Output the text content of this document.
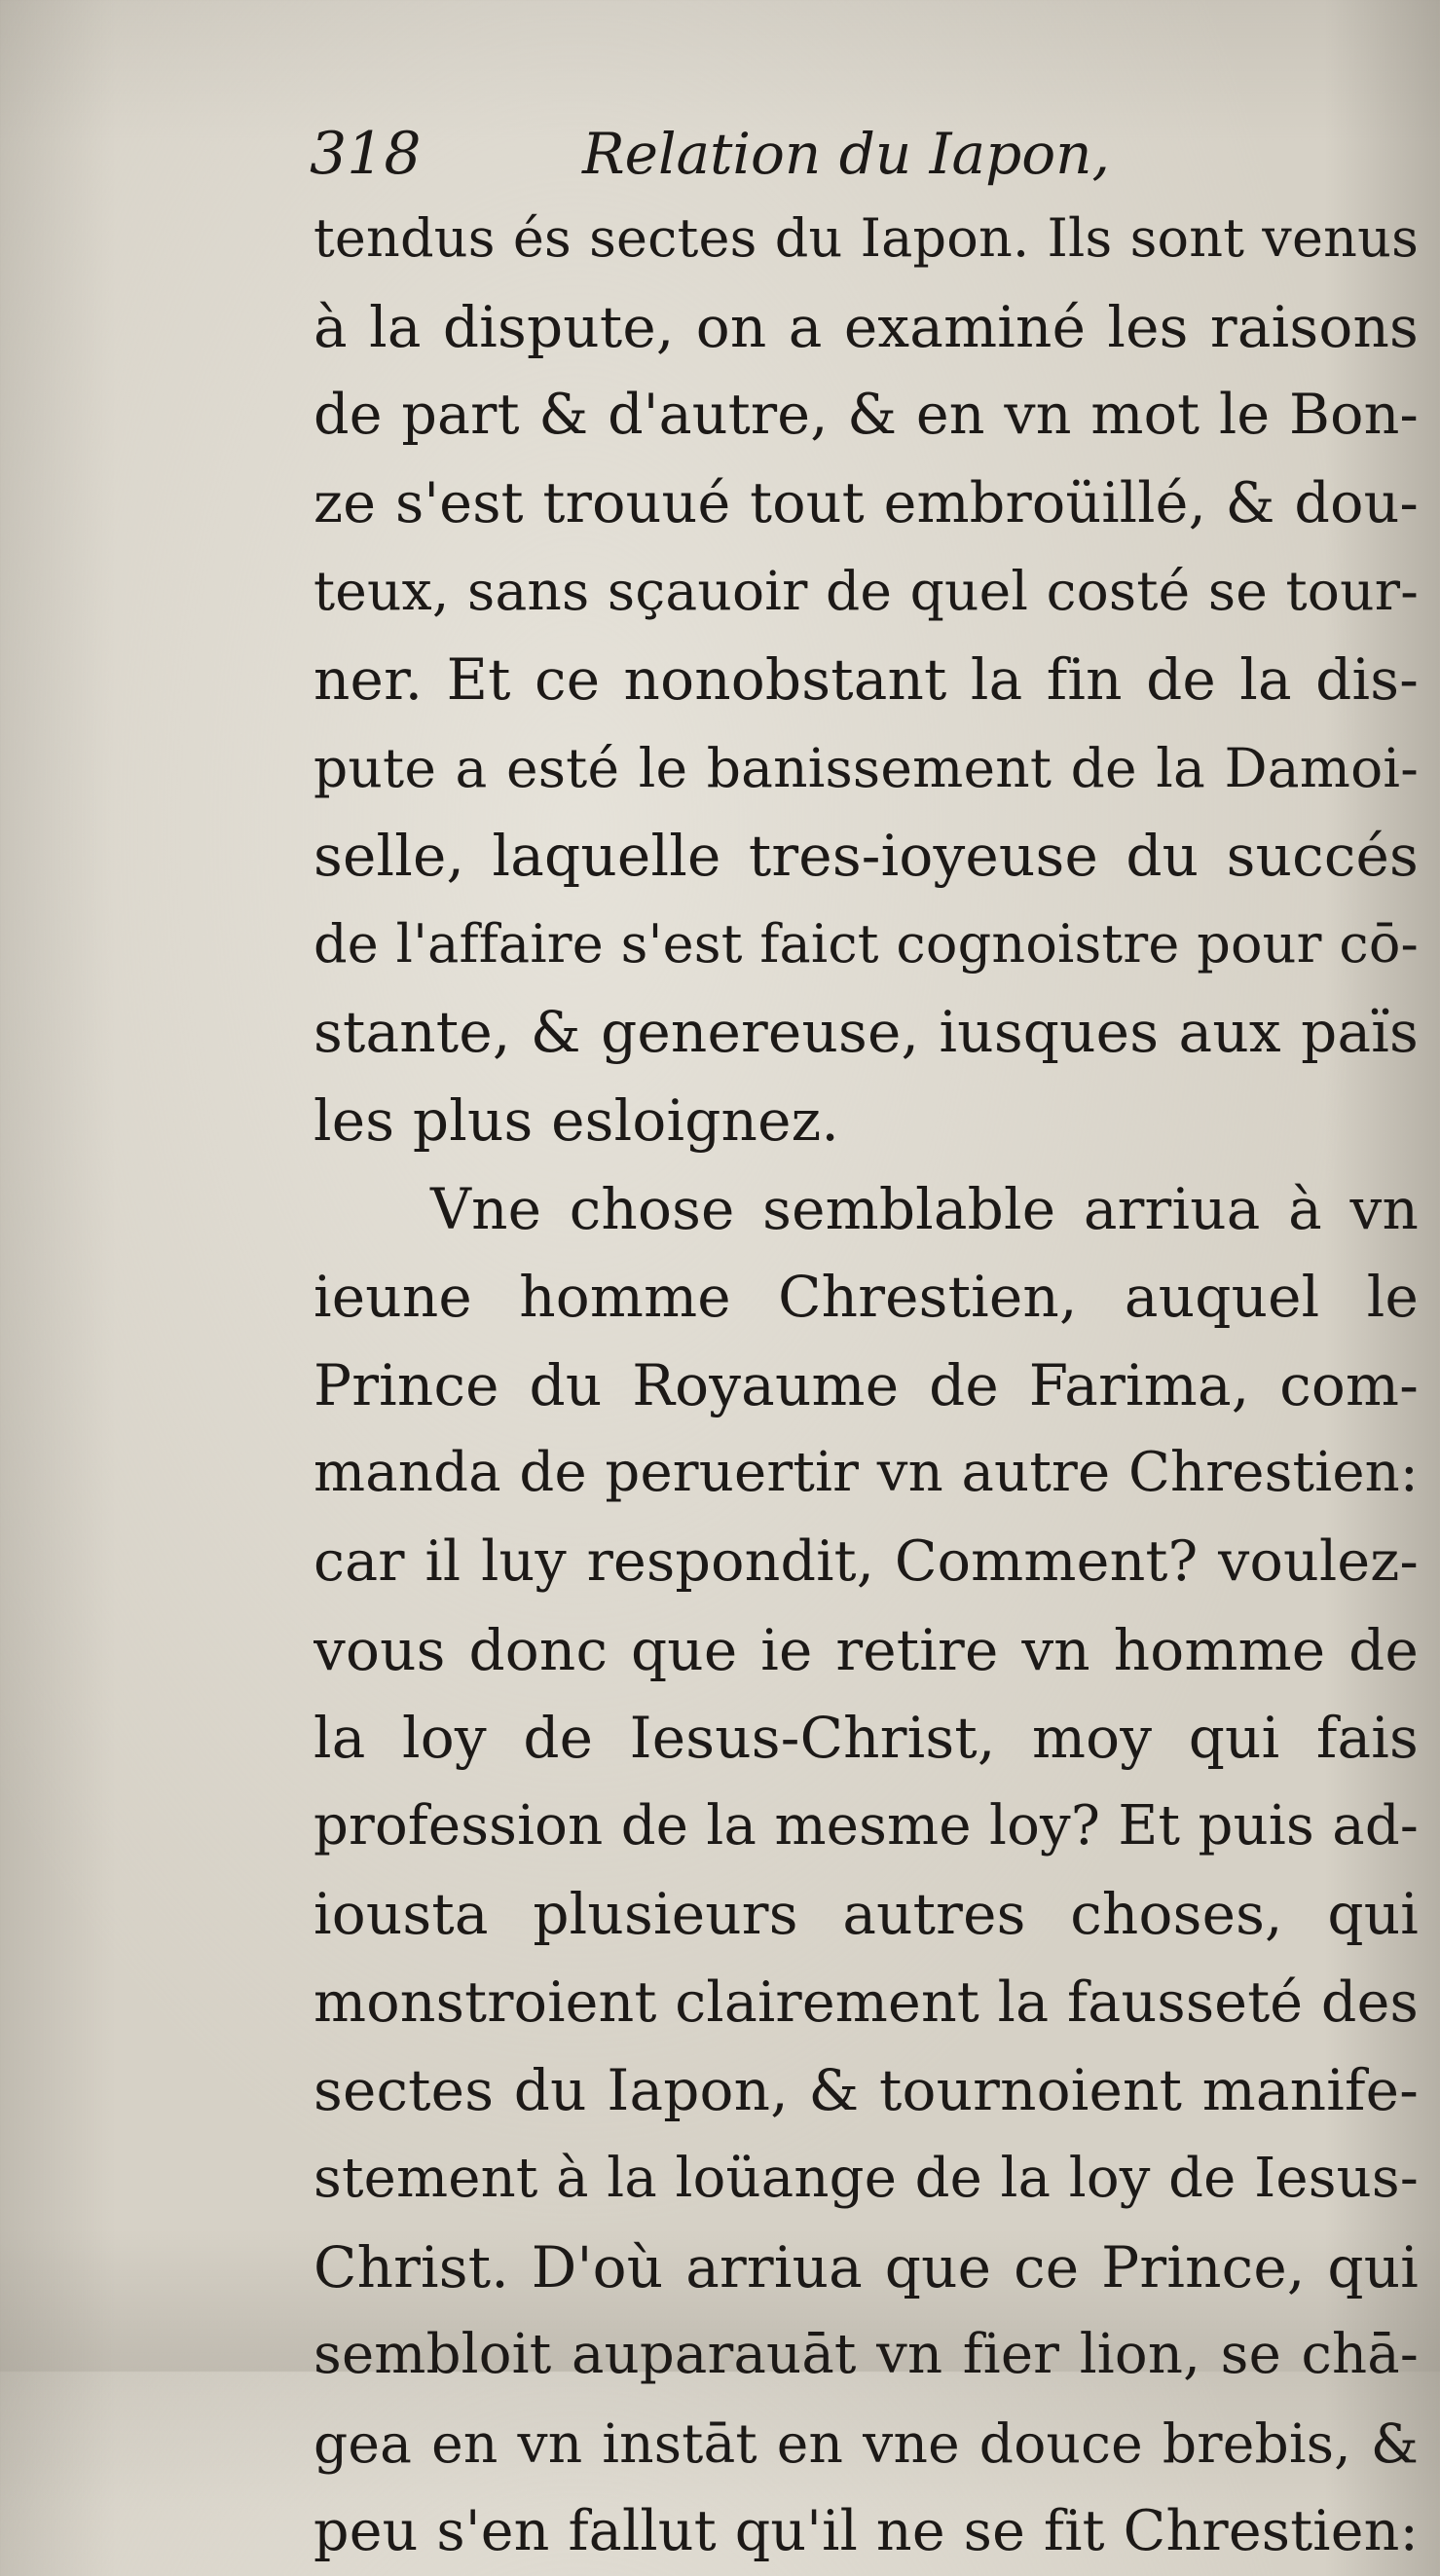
318	Relation du Iapon,
tendus és sectes du Iapon. Ils sont venus
à la dispute, on a examiné les raisons
de part & d'autre, & en vn mot le Bon-
ze s'est trouué tout embroüillé, & dou-
teux, sans sçauoir de quel costé se tour-
ner. Et ce nonobstant la fin de la dis-
pute a esté le banissement de la Damoi-
selle, laquelle tres-ioyeuse du succés
de l'affaire s'est faict cognoistre pour cō-
stante, & genereuse, iusques aux païs
les plus esloignez.
Vne chose semblable arriua à vn
ieune homme Chrestien, auquel le
Prince du Royaume de Farima, com-
manda de peruertir vn autre Chrestien:
car il luy respondit, Comment? voulez-
vous donc que ie retire vn homme de
la loy de Iesus-Christ, moy qui fais
profession de la mesme loy? Et puis ad-
iousta plusieurs autres choses, qui
monstroient clairement la fausseté des
sectes du Iapon, & tournoient manife-
stement à la loüange de la loy de Iesus-
Christ. D'où arriua que ce Prince, qui
sembloit auparauāt vn fier lion, se chā-
gea en vn instāt en vne douce brebis, &
peu s'en fallut qu'il ne se fit Chrestien:
